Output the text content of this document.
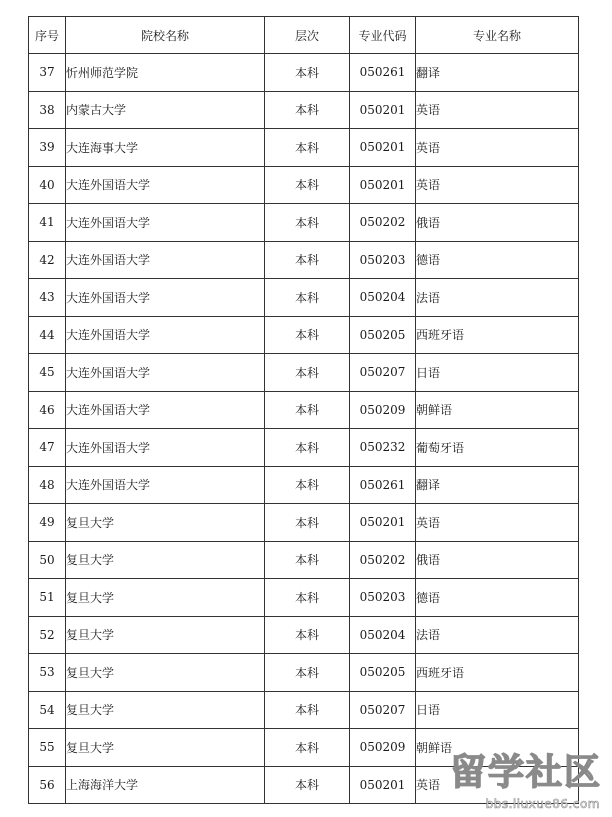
序号	院校名称	层次	专业代码	专业名称
37	忻州师范学院	本科	050261	翻译
38	内蒙古大学	本科	050201	英语
39	大连海事大学	本科	050201	英语
40	大连外国语大学	本科	050201	英语
41	大连外国语大学	本科	050202	俄语
42	大连外国语大学	本科	050203	德语
43	大连外国语大学	本科	050204	法语
44	大连外国语大学	本科	050205	西班牙语
45	大连外国语大学	本科	050207	日语
46	大连外国语大学	本科	050209	朝鲜语
47	大连外国语大学	本科	050232	葡萄牙语
48	大连外国语大学	本科	050261	翻译
49	复旦大学	本科	050201	英语
50	复旦大学	本科	050202	俄语
51	复旦大学	本科	050203	德语
52	复旦大学	本科	050204	法语
53	复旦大学	本科	050205	西班牙语
54	复旦大学	本科	050207	日语
55	复旦大学	本科	050209	朝鲜语
56	上海海洋大学	本科	050201	英语 留学社区
bbs.liuxue86.com
